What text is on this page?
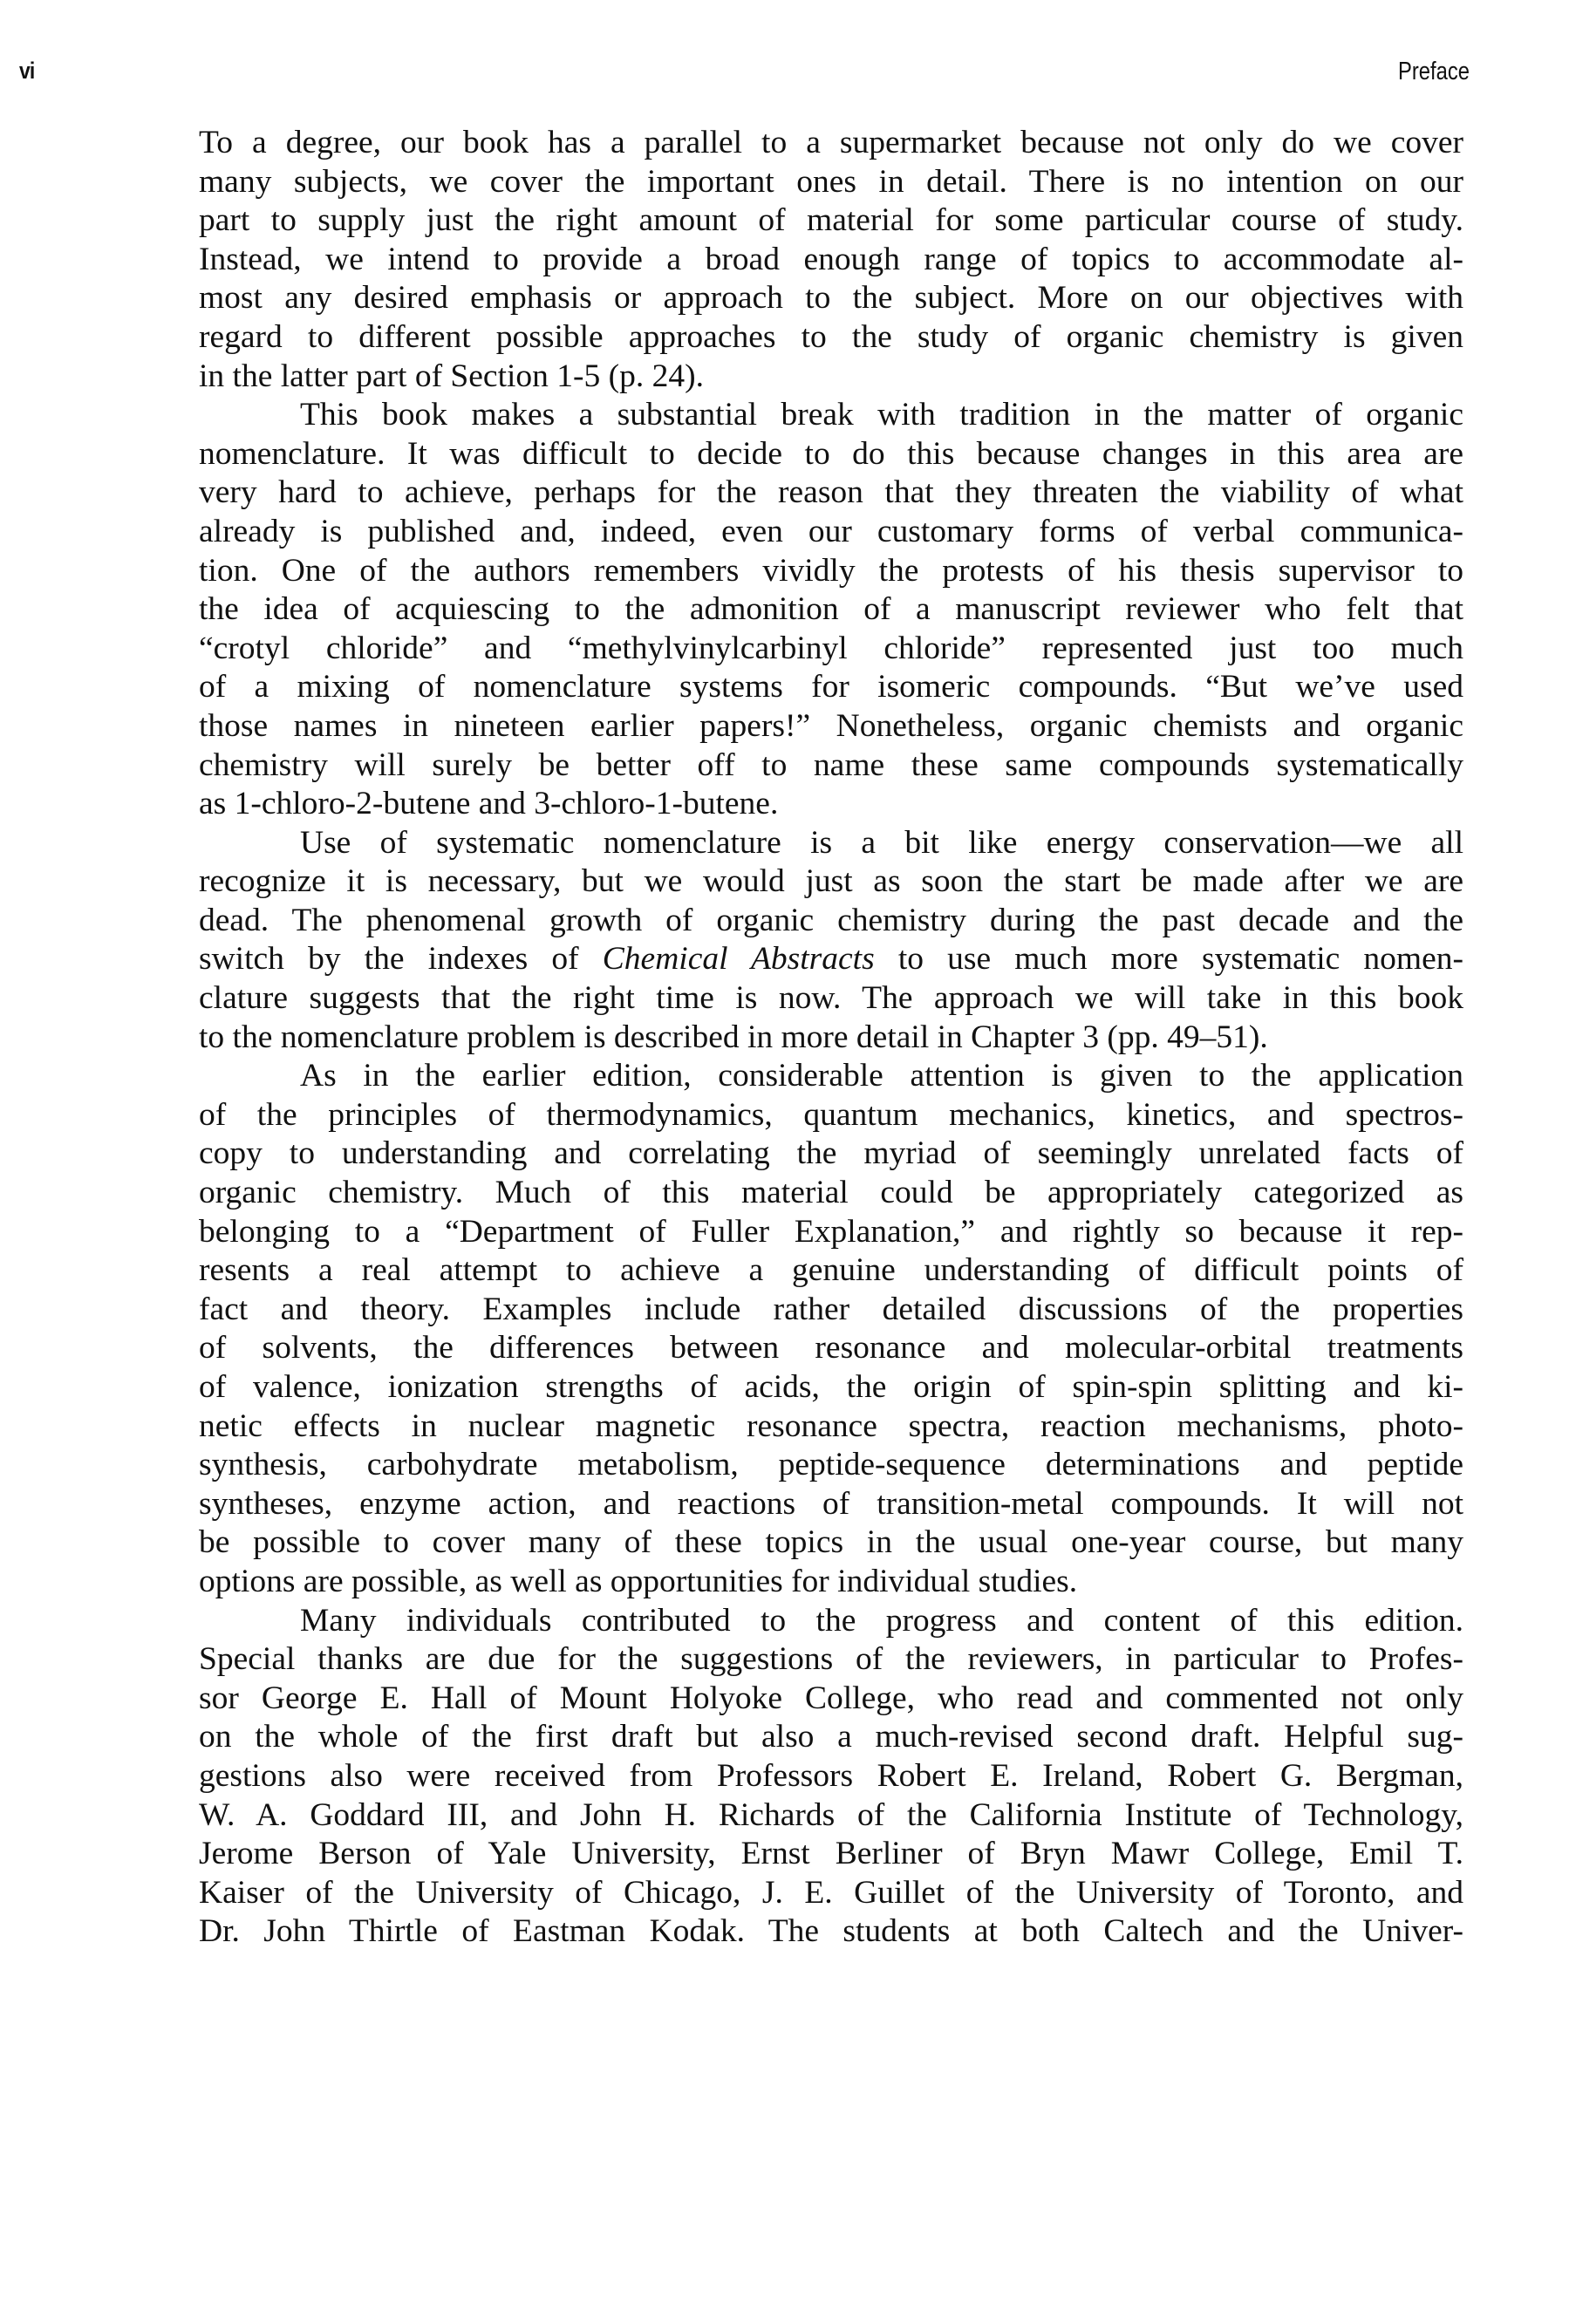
vi	Preface
To a degree, our book has a parallel to a supermarket because not only do we cover
many subjects, we cover the important ones in detail. There is no intention on our
part to supply just the right amount of material for some particular course of study.
Instead, we intend to provide a broad enough range of topics to accommodate al-
most any desired emphasis or approach to the subject. More on our objectives with
regard to different possible approaches to the study of organic chemistry is given
in the latter part of Section 1-5 (p. 24).
This book makes a substantial break with tradition in the matter of organic
nomenclature. It was difficult to decide to do this because changes in this area are
very hard to achieve, perhaps for the reason that they threaten the viability of what
already is published and, indeed, even our customary forms of verbal communica-
tion. One of the authors remembers vividly the protests of his thesis supervisor to
the idea of acquiescing to the admonition of a manuscript reviewer who felt that
“crotyl chloride” and “methylvinylcarbinyl chloride” represented just too much
of a mixing of nomenclature systems for isomeric compounds. “But we’ve used
those names in nineteen earlier papers!” Nonetheless, organic chemists and organic
chemistry will surely be better off to name these same compounds systematically
as 1-chloro-2-butene and 3-chloro-1-butene.
Use of systematic nomenclature is a bit like energy conservation—we all
recognize it is necessary, but we would just as soon the start be made after we are
dead. The phenomenal growth of organic chemistry during the past decade and the
switch by the indexes of Chemical Abstracts to use much more systematic nomen-
clature suggests that the right time is now. The approach we will take in this book
to the nomenclature problem is described in more detail in Chapter 3 (pp. 49–51).
As in the earlier edition, considerable attention is given to the application
of the principles of thermodynamics, quantum mechanics, kinetics, and spectros-
copy to understanding and correlating the myriad of seemingly unrelated facts of
organic chemistry. Much of this material could be appropriately categorized as
belonging to a “Department of Fuller Explanation,” and rightly so because it rep-
resents a real attempt to achieve a genuine understanding of difficult points of
fact and theory. Examples include rather detailed discussions of the properties
of solvents, the differences between resonance and molecular-orbital treatments
of valence, ionization strengths of acids, the origin of spin-spin splitting and ki-
netic effects in nuclear magnetic resonance spectra, reaction mechanisms, photo-
synthesis, carbohydrate metabolism, peptide-sequence determinations and peptide
syntheses, enzyme action, and reactions of transition-metal compounds. It will not
be possible to cover many of these topics in the usual one-year course, but many
options are possible, as well as opportunities for individual studies.
Many individuals contributed to the progress and content of this edition.
Special thanks are due for the suggestions of the reviewers, in particular to Profes-
sor George E. Hall of Mount Holyoke College, who read and commented not only
on the whole of the first draft but also a much-revised second draft. Helpful sug-
gestions also were received from Professors Robert E. Ireland, Robert G. Bergman,
W. A. Goddard III, and John H. Richards of the California Institute of Technology,
Jerome Berson of Yale University, Ernst Berliner of Bryn Mawr College, Emil T.
Kaiser of the University of Chicago, J. E. Guillet of the University of Toronto, and
Dr. John Thirtle of Eastman Kodak. The students at both Caltech and the Univer-
